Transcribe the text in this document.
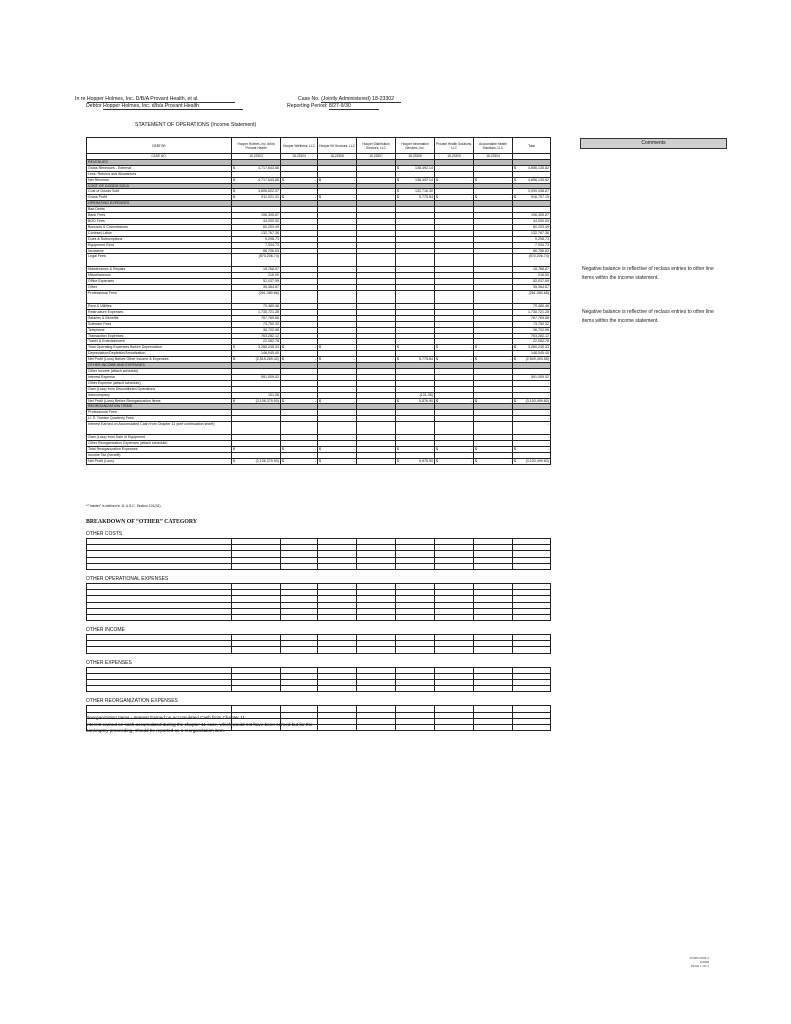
In re Hopper Holmes, Inc. D/B/A Provant Health, et al.
Debtor Hopper Holmes, Inc. d/b/a Provant Health
Case No. (Jointly Administered) 18-23302
Reporting Period: 8/27-9/30
STATEMENT OF OPERATIONS (Income Statement)
Comments
DEBTOR	Hooper Holmes, Inc. d/b/a Provant Health	Hooper Wellness, LLC	Hooper Kit Services, LLC	Hooper Distribution Services, LLC	Hooper Information Services, Inc.	Provant Health Solutions, LLC	Accountable Health Solutions, LLC	Total
CASE NO.	18-23302	18-23303	18-23308	18-23307	18-23306	18-23305	18-23304	
REVENUES								
Gross Revenues - External	$ 4,717,643.68				$ 138,492.14			$ 4,856,135.82
Less: Returns and Allowances								
Net Revenue	$ 4,717,643.68	$ -	$ -		$ 138,492.14	$ -	$ -	$ 4,856,135.82
COST OF GOODS SOLD								
Cost of Goods Sold	$ 3,806,622.37				$ 132,716.30			3,939,338.67
Gross Profit	$ 911,021.31	$ -	$ -		$ 5,775.84	$ -	$ -	$ 916,797.15
OPERATING EXPENSES								
Bad Debts								
Bank Fees	196,305.67							196,305.67
BOD Fees	44,000.00							44,000.00
Bonuses & Commissions	60,203.49							60,203.49
Contract Labor	132,767.36							132,767.36
Dues & Subscriptions	9,298.73							9,298.73
Equipment Rent	7,934.73							7,934.73
Insurance	86,756.83							86,756.83
Legal Fees	(570,206.74)							(570,206.74)
Maintenance & Repairs	18,768.67							18,768.67
Miscellaneous	216.00							216.00
Office Expenses	52,037.59							52,037.59
Other	35,364.67							35,364.67
Professional Fees	(261,080.66)							(261,080.66)
Rent & Utilities	70,480.46							70,480.46
Restructure Expenses	1,730,721.28							1,730,721.28
Salaries & Benefits	767,769.66							767,769.66
Software Fees	73,750.32							73,750.32
Telephone	36,702.96							36,702.96
Transaction Expenses	763,282.12							763,282.12
Travel & Entertainment	22,082.78							22,082.78
Total Operating Expenses Before Depreciation	$ 3,280,245.33	$ -	$ -		$ -	$ -	$ -	$ 3,280,245.33
Depreciation/Depletion/Amortization	146,045.40							146,045.40
Net Profit (Loss) Before Other Income & Expenses	$ (2,515,269.42)	$ -	$ -		$ 5,775.84	$ -	$ -	$ (2,509,493.58)
OTHER INCOME AND EXPENSES								
Other Income (attach schedule)								
Interest Expense	591,009.02							591,009.02
Other Expense (attach schedule)								-
Gain (Loss) from Discontinued Operations								-
Intercompany	101.06				(101.06)			-
Net Profit (Loss) Before Reorganization Items	$ (3,106,379.50)	$ -	$ -		$ 5,876.90	$ -	$ -	$ (3,100,499.60)
REORGANIZATION ITEMS								
Professional Fees								-
U. S. Trustee Quarterly Fees								-
Interest Earned on Accumulated Cash from Chapter 11 (see continuation sheet)								-
Gain (Loss) from Sale of Equipment								-
Other Reorganization Expenses (attach schedule)								-
Total Reorganization Expenses	$ -	$ -	$ -		$ -	$ -	$ -	$ -
Income Tax (benefit)								
Net Profit (Loss)	$ (3,106,379.50)	$ -	$ -		$ 5,876.90	$ -	$ -	$ (3,100,499.60)
**"Insider" is defined in 11 U.S.C. Section 101(31).
Negative balance is reflective of reclass entries to other line items within the income statement.
Negative balance is reflective of reclass entries to other line items within the income statement.
BREAKDOWN OF “OTHER” CATEGORY
OTHER COSTS

OTHER OPERATIONAL EXPENSES

OTHER INCOME

OTHER EXPENSES

OTHER REORGANIZATION EXPENSES

Reorganization Items - Interest Earned on Accumulated Cash from Chapter 11:
Interest earned on cash accumulated during the chapter 11 case, which would not have been earned but for the
bankruptcy proceeding, should be reported as a reorganization item.
FORM MOR-2
2/2008
PAGE 1 OF 1
